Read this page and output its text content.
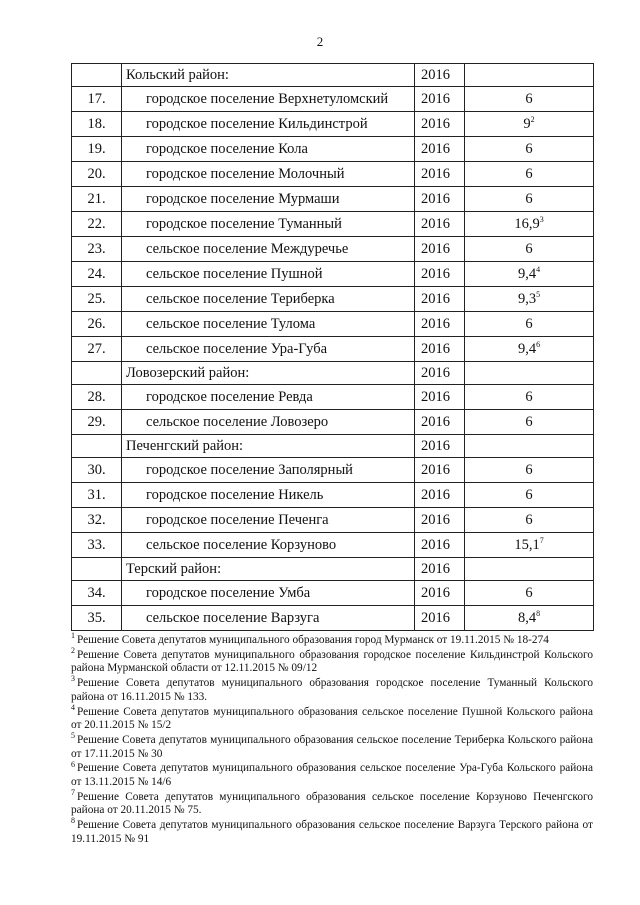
2
	Кольский район:	2016	
17.	городское поселение Верхнетуломский	2016	6
18.	городское поселение Кильдинстрой	2016	$9^2$
19.	городское поселение Кола	2016	6
20.	городское поселение Молочный	2016	6
21.	городское поселение Мурмаши	2016	6
22.	городское поселение Туманный	2016	16,9$^3$
23.	сельское поселение Междуречье	2016	6
24.	сельское поселение Пушной	2016	$9,4^4$
25.	сельское поселение Териберка	2016	$9,3^5$
26.	сельское поселение Тулома	2016	6
27.	сельское поселение Ура-Губа	2016	$9,4^6$
	Ловозерский район:	2016	
28.	городское поселение Ревда	2016	6
29.	сельское поселение Ловозеро	2016	6
	Печенгский район:	2016	
30.	городское поселение Заполярный	2016	6
31.	городское поселение Никель	2016	6
32.	городское поселение Печенга	2016	6
33.	сельское поселение Корзуново	2016	15,1$^7$
	Терский район:	2016	
34.	городское поселение Умба	2016	6
35.	сельское поселение Варзуга	2016	$8,4^8$
$^1$ Решение Совета депутатов муниципального образования город Мурманск от 19.11.2015 № 18-274
$^2$ Решение Совета депутатов муниципального образования городское поселение Кильдинстрой Кольского района Мурманской области от 12.11.2015 № 09/12
$^3$ Решение Совета депутатов муниципального образования городское поселение Туманный Кольского района от 16.11.2015 № 133.
$^4$ Решение Совета депутатов муниципального образования сельское поселение Пушной Кольского района от 20.11.2015 № 15/2
$^5$ Решение Совета депутатов муниципального образования сельское поселение Териберка Кольского района от 17.11.2015 № 30
$^6$ Решение Совета депутатов муниципального образования сельское поселение Ура-Губа Кольского района от 13.11.2015 № 14/6
$^7$ Решение Совета депутатов муниципального образования сельское поселение Корзуново Печенгского района от 20.11.2015 № 75.
$^8$ Решение Совета депутатов муниципального образования сельское поселение Варзуга Терского района от 19.11.2015 № 91
